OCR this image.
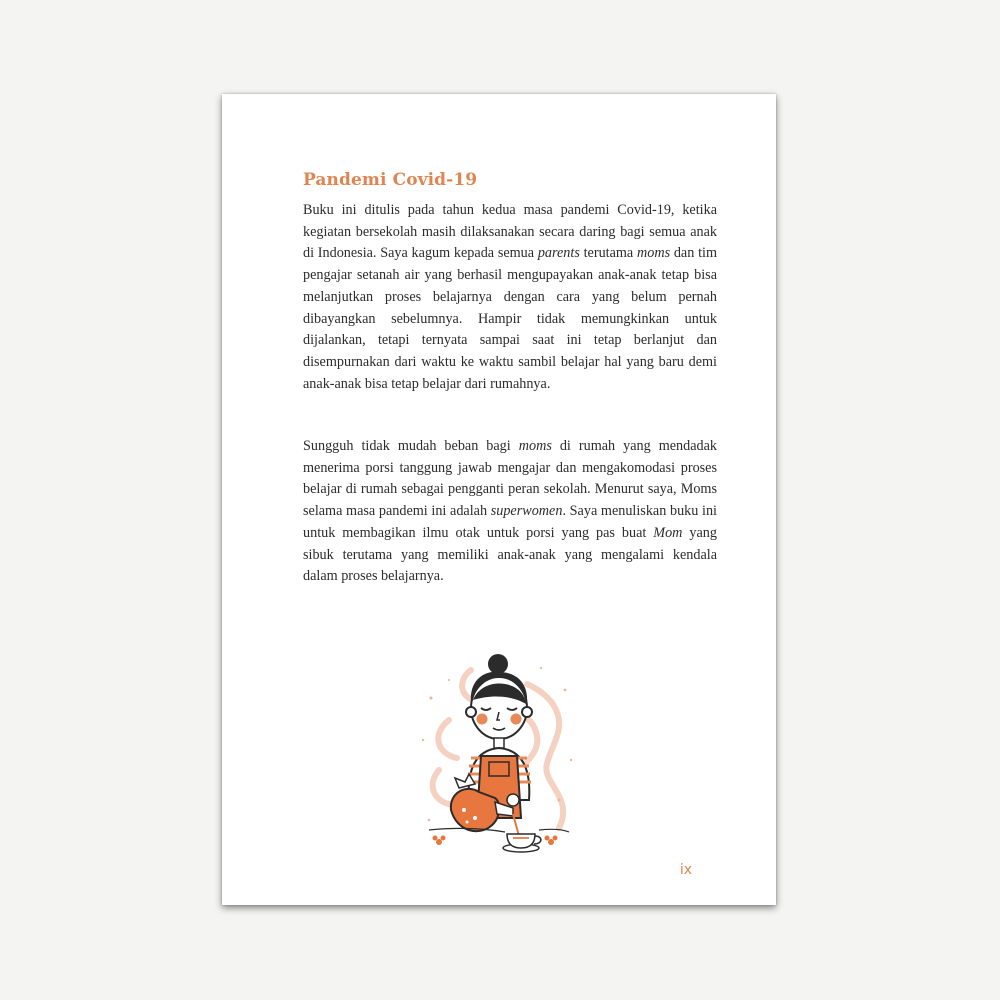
Pandemi Covid-19

Buku ini ditulis pada tahun kedua masa pandemi Covid-19, ketika kegiatan bersekolah masih dilaksanakan secara daring bagi semua anak di Indonesia. Saya kagum kepada semua parents terutama moms dan tim pengajar setanah air yang berhasil mengupayakan anak-anak tetap bisa melanjutkan proses belajarnya dengan cara yang belum pernah dibayangkan sebelumnya. Hampir tidak memungkinkan untuk dijalankan, tetapi ternyata sampai saat ini tetap berlanjut dan disempurnakan dari waktu ke waktu sambil belajar hal yang baru demi anak-anak bisa tetap belajar dari rumahnya.

Sungguh tidak mudah beban bagi moms di rumah yang mendadak menerima porsi tanggung jawab mengajar dan mengakomodasi proses belajar di rumah sebagai pengganti peran sekolah. Menurut saya, Moms selama masa pandemi ini adalah superwomen. Saya menuliskan buku ini untuk membagikan ilmu otak untuk porsi yang pas buat Mom yang sibuk terutama yang memiliki anak-anak yang mengalami kendala dalam proses belajarnya.

ix
